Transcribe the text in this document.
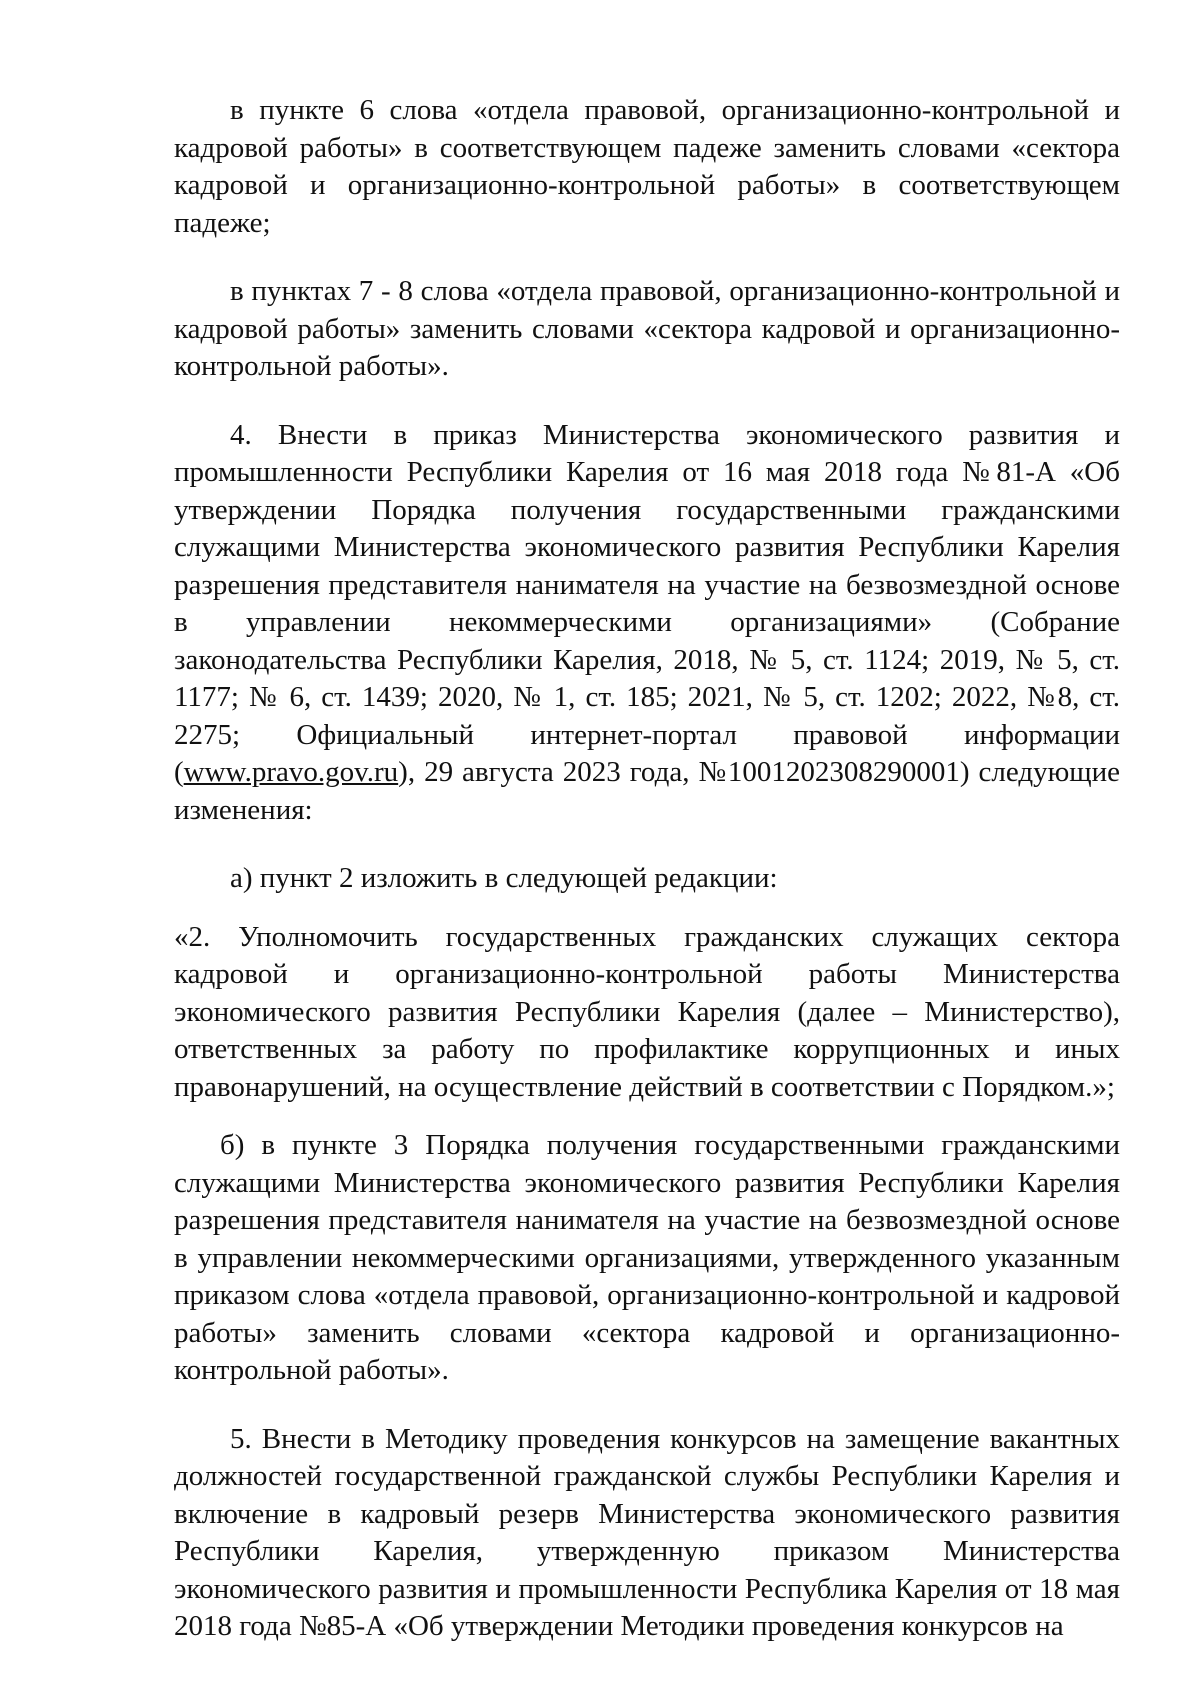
в пункте 6 слова «отдела правовой, организационно-контрольной и кадровой работы» в соответствующем падеже заменить словами «сектора кадровой и организационно-контрольной работы» в соответствующем падеже;

в пунктах 7 - 8 слова «отдела правовой, организационно-контрольной и кадровой работы» заменить словами «сектора кадровой и организационно-контрольной работы».

4. Внести в приказ Министерства экономического развития и промышленности Республики Карелия от 16 мая 2018 года №81-А «Об утверждении Порядка получения государственными гражданскими служащими Министерства экономического развития Республики Карелия разрешения представителя нанимателя на участие на безвозмездной основе в управлении некоммерческими организациями» (Собрание законодательства Республики Карелия, 2018, № 5, ст. 1124; 2019, № 5, ст. 1177; № 6, ст. 1439; 2020, № 1, ст. 185; 2021, № 5, ст. 1202; 2022, №8, ст. 2275; Официальный интернет-портал правовой информации (www.pravo.gov.ru), 29 августа 2023 года, №1001202308290001) следующие изменения:

а) пункт 2 изложить в следующей редакции:

«2. Уполномочить государственных гражданских служащих сектора кадровой и организационно-контрольной работы Министерства экономического развития Республики Карелия (далее – Министерство), ответственных за работу по профилактике коррупционных и иных правонарушений, на осуществление действий в соответствии с Порядком.»;

б) в пункте 3 Порядка получения государственными гражданскими служащими Министерства экономического развития Республики Карелия разрешения представителя нанимателя на участие на безвозмездной основе в управлении некоммерческими организациями, утвержденного указанным приказом слова «отдела правовой, организационно-контрольной и кадровой работы» заменить словами «сектора кадровой и организационно-контрольной работы».

5. Внести в Методику проведения конкурсов на замещение вакантных должностей государственной гражданской службы Республики Карелия и включение в кадровый резерв Министерства экономического развития Республики Карелия, утвержденную приказом Министерства экономического развития и промышленности Республика Карелия от 18 мая 2018 года №85-А «Об утверждении Методики проведения конкурсов на
